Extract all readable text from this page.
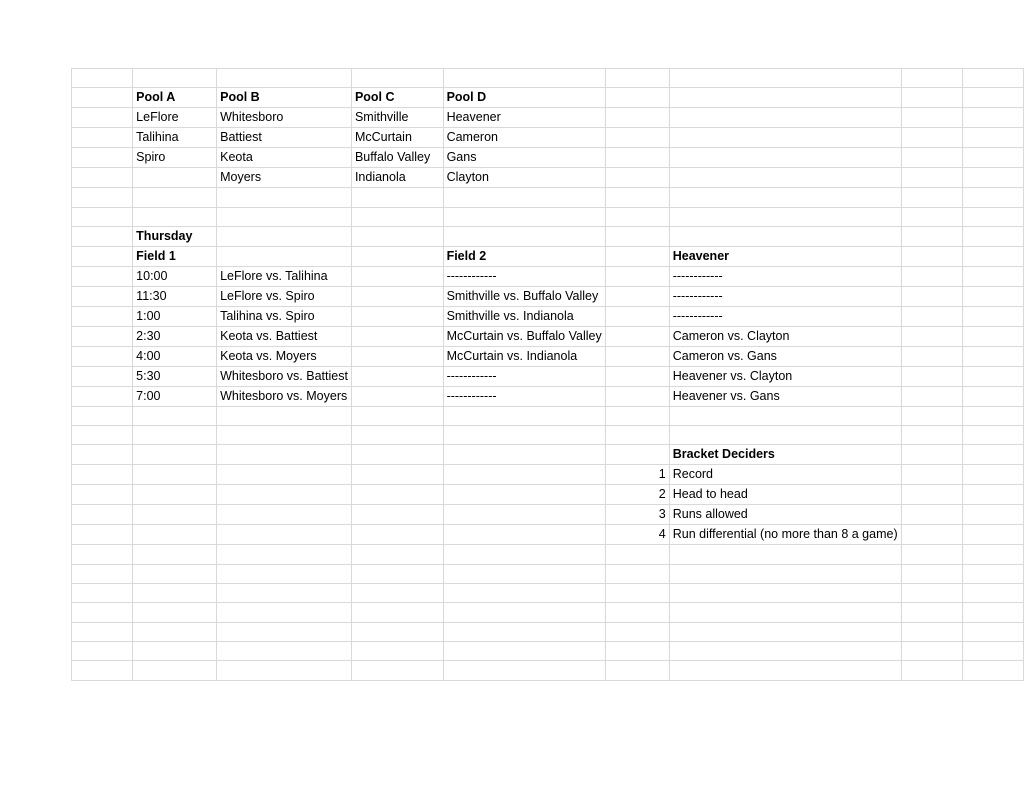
	Pool A	Pool B	Pool C	Pool D				
	LeFlore	Whitesboro	Smithville	Heavener				
	Talihina	Battiest	McCurtain	Cameron				
	Spiro	Keota	Buffalo Valley	Gans				
		Moyers	Indianola	Clayton				

	Thursday							
	Field 1			Field 2		Heavener		
	10:00	LeFlore vs. Talihina		------------		------------		
	11:30	LeFlore vs. Spiro		Smithville vs. Buffalo Valley		------------		
	1:00	Talihina vs. Spiro		Smithville vs. Indianola		------------		
	2:30	Keota vs. Battiest		McCurtain vs. Buffalo Valley		Cameron vs. Clayton		
	4:00	Keota vs. Moyers		McCurtain vs. Indianola		Cameron vs. Gans		
	5:30	Whitesboro vs. Battiest		------------		Heavener vs. Clayton		
	7:00	Whitesboro vs. Moyers		------------		Heavener vs. Gans		

						Bracket Deciders		
					1	Record		
					2	Head to head		
					3	Runs allowed		
					4	Run differential (no more than 8 a game)		
